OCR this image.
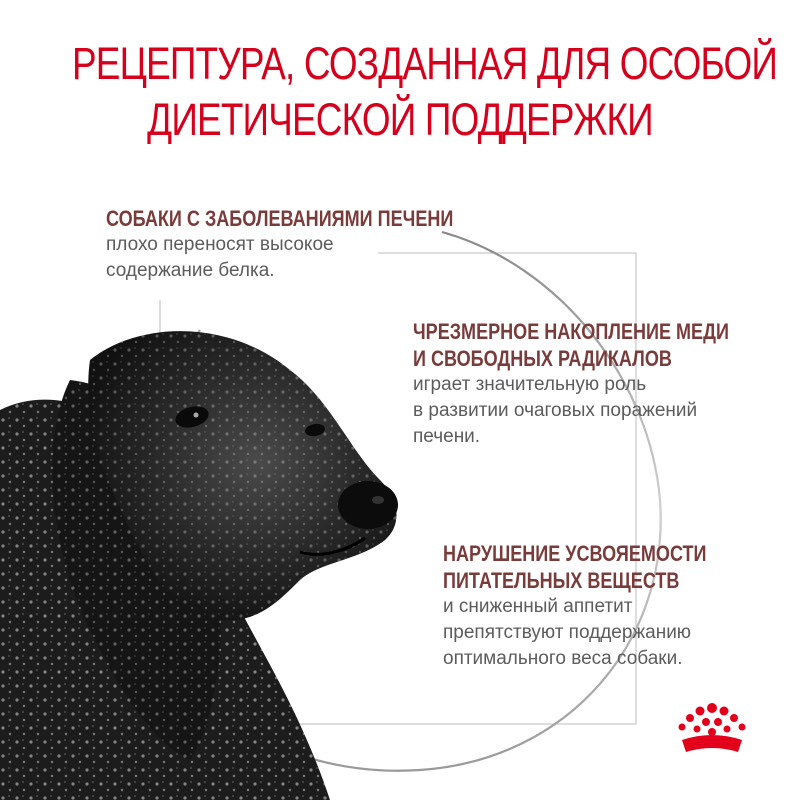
РЕЦЕПТУРА, СОЗДАННАЯ ДЛЯ ОСОБОЙ
ДИЕТИЧЕСКОЙ ПОДДЕРЖКИ
СОБАКИ С ЗАБОЛЕВАНИЯМИ ПЕЧЕНИ
плохо переносят высокое
содержание белка.
ЧРЕЗМЕРНОЕ НАКОПЛЕНИЕ МЕДИ
И СВОБОДНЫХ РАДИКАЛОВ
играет значительную роль
в развитии очаговых поражений
печени.
НАРУШЕНИЕ УСВОЯЕМОСТИ
ПИТАТЕЛЬНЫХ ВЕЩЕСТВ
и сниженный аппетит
препятствуют поддержанию
оптимального веса собаки.
